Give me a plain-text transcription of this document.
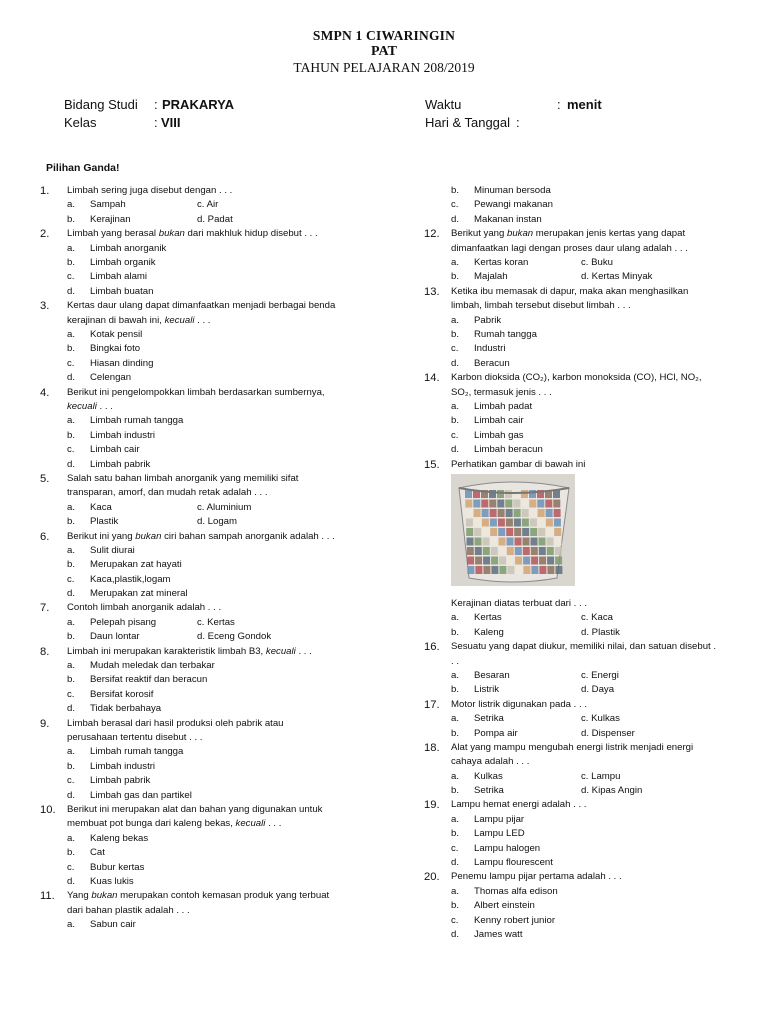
SMPN 1 CIWARINGIN
PAT
TAHUN PELAJARAN 208/2019
Bidang Studi : PRAKARYA
Kelas	: VIII
Waktu	: menit
Hari & Tanggal :
Pilihan Ganda!
1. Limbah sering juga disebut dengan . . .
a. Sampah	c. Air
b. Kerajinan	d. Padat
2. Limbah yang berasal bukan dari makhluk hidup disebut . . .
a. Limbah anorganik
b. Limbah organik
c. Limbah alami
d. Limbah buatan
3. Kertas daur ulang dapat dimanfaatkan menjadi berbagai benda
kerajinan di bawah ini, kecuali . . .
a. Kotak pensil
b. Bingkai foto
c. Hiasan dinding
d. Celengan
4. Berikut ini pengelompokkan limbah berdasarkan sumbernya,
kecuali . . .
a. Limbah rumah tangga
b. Limbah industri
c. Limbah cair
d. Limbah pabrik
5. Salah satu bahan limbah anorganik yang memiliki sifat
transparan, amorf, dan mudah retak adalah . . .
a. Kaca	c. Aluminium
b. Plastik	d. Logam
6. Berikut ini yang bukan ciri bahan sampah anorganik adalah . . .
a. Sulit diurai
b. Merupakan zat hayati
c. Kaca,plastik,logam
d. Merupakan zat mineral
7. Contoh limbah anorganik adalah . . .
a. Pelepah pisang	c. Kertas
b. Daun lontar	d. Eceng Gondok
8. Limbah ini merupakan karakteristik limbah B3, kecuali . . .
a. Mudah meledak dan terbakar
b. Bersifat reaktif dan beracun
c. Bersifat korosif
d. Tidak berbahaya
9. Limbah berasal dari hasil produksi oleh pabrik atau
perusahaan tertentu disebut . . .
a. Limbah rumah tangga
b. Limbah industri
c. Limbah pabrik
d. Limbah gas dan partikel
10. Berikut ini merupakan alat dan bahan yang digunakan untuk
membuat pot bunga dari kaleng bekas, kecuali . . .
a. Kaleng bekas
b. Cat
c. Bubur kertas
d. Kuas lukis
11. Yang bukan merupakan contoh kemasan produk yang terbuat
dari bahan plastik adalah . . .
a. Sabun cair
b. Minuman bersoda
c. Pewangi makanan
d. Makanan instan
12. Berikut yang bukan merupakan jenis kertas yang dapat
dimanfaatkan lagi dengan proses daur ulang adalah . . .
a. Kertas koran	c. Buku
b. Majalah	d. Kertas Minyak
13. Ketika ibu memasak di dapur, maka akan menghasilkan
limbah, limbah tersebut disebut limbah . . .
a. Pabrik
b. Rumah tangga
c. Industri
d. Beracun
14. Karbon dioksida (CO₂), karbon monoksida (CO), HCl, NO₂,
SO₂, termasuk jenis . . .
a. Limbah padat
b. Limbah cair
c. Limbah gas
d. Limbah beracun
15. Perhatikan gambar di bawah ini
Kerajinan diatas terbuat dari . . .
a. Kertas	c. Kaca
b. Kaleng	d. Plastik
16. Sesuatu yang dapat diukur, memiliki nilai, dan satuan disebut .
. .
a. Besaran	c. Energi
b. Listrik	d. Daya
17. Motor listrik digunakan pada . . .
a. Setrika	c. Kulkas
b. Pompa air	d. Dispenser
18. Alat yang mampu mengubah energi listrik menjadi energi
cahaya adalah . . .
a. Kulkas	c. Lampu
b. Setrika	d. Kipas Angin
19. Lampu hemat energi adalah . . .
a. Lampu pijar
b. Lampu LED
c. Lampu halogen
d. Lampu flourescent
20. Penemu lampu pijar pertama adalah . . .
a. Thomas alfa edison
b. Albert einstein
c. Kenny robert junior
d. James watt
